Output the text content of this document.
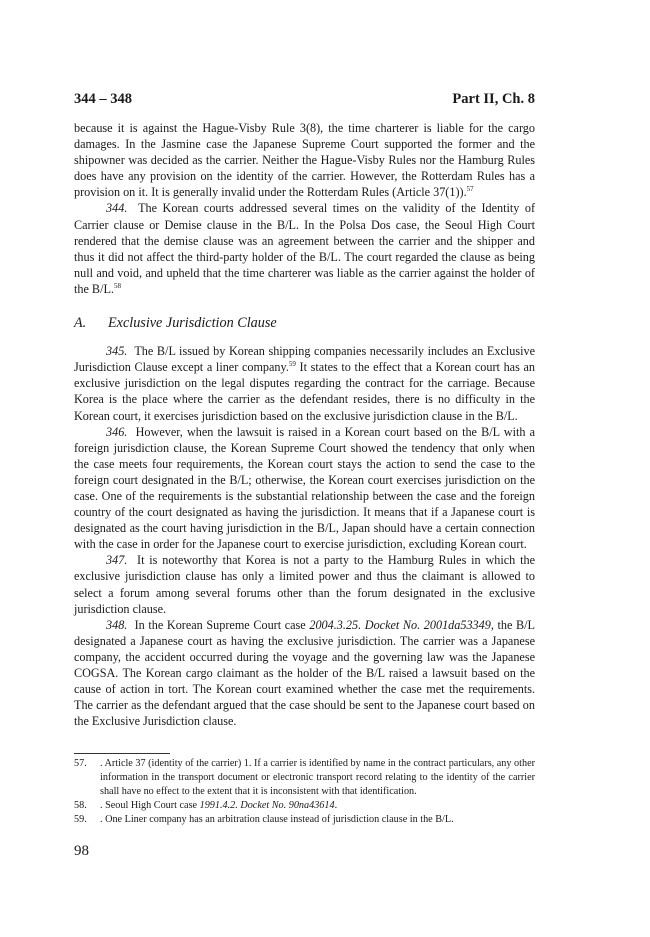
344 – 348	Part II, Ch. 8

because it is against the Hague-Visby Rule 3(8), the time charterer is liable for the cargo damages. In the Jasmine case the Japanese Supreme Court supported the former and the shipowner was decided as the carrier. Neither the Hague-Visby Rules nor the Hamburg Rules does have any provision on the identity of the carrier. However, the Rotterdam Rules has a provision on it. It is generally invalid under the Rotterdam Rules (Article 37(1)).$^{57}$

344. The Korean courts addressed several times on the validity of the Identity of Carrier clause or Demise clause in the B/L. In the Polsa Dos case, the Seoul High Court rendered that the demise clause was an agreement between the carrier and the shipper and thus it did not affect the third-party holder of the B/L. The court regarded the clause as being null and void, and upheld that the time charterer was liable as the carrier against the holder of the B/L.$^{58}$

A. Exclusive Jurisdiction Clause

345. The B/L issued by Korean shipping companies necessarily includes an Exclusive Jurisdiction Clause except a liner company.$^{59}$ It states to the effect that a Korean court has an exclusive jurisdiction on the legal disputes regarding the contract for the carriage. Because Korea is the place where the carrier as the defendant resides, there is no difficulty in the Korean court, it exercises jurisdiction based on the exclusive jurisdiction clause in the B/L.

346. However, when the lawsuit is raised in a Korean court based on the B/L with a foreign jurisdiction clause, the Korean Supreme Court showed the tendency that only when the case meets four requirements, the Korean court stays the action to send the case to the foreign court designated in the B/L; otherwise, the Korean court exercises jurisdiction on the case. One of the requirements is the substantial relationship between the case and the foreign country of the court designated as having the jurisdiction. It means that if a Japanese court is designated as the court having jurisdiction in the B/L, Japan should have a certain connection with the case in order for the Japanese court to exercise jurisdiction, excluding Korean court.

347. It is noteworthy that Korea is not a party to the Hamburg Rules in which the exclusive jurisdiction clause has only a limited power and thus the claimant is allowed to select a forum among several forums other than the forum designated in the exclusive jurisdiction clause.

348. In the Korean Supreme Court case 2004.3.25. Docket No. 2001da53349, the B/L designated a Japanese court as having the exclusive jurisdiction. The carrier was a Japanese company, the accident occurred during the voyage and the governing law was the Japanese COGSA. The Korean cargo claimant as the holder of the B/L raised a lawsuit based on the cause of action in tort. The Korean court examined whether the case met the requirements. The carrier as the defendant argued that the case should be sent to the Japanese court based on the Exclusive Jurisdiction clause.

57.	. Article 37 (identity of the carrier) 1. If a carrier is identified by name in the contract particulars, any other information in the transport document or electronic transport record relating to the identity of the carrier shall have no effect to the extent that it is inconsistent with that identification.
58.	. Seoul High Court case 1991.4.2. Docket No. 90na43614.
59.	. One Liner company has an arbitration clause instead of jurisdiction clause in the B/L.
98
